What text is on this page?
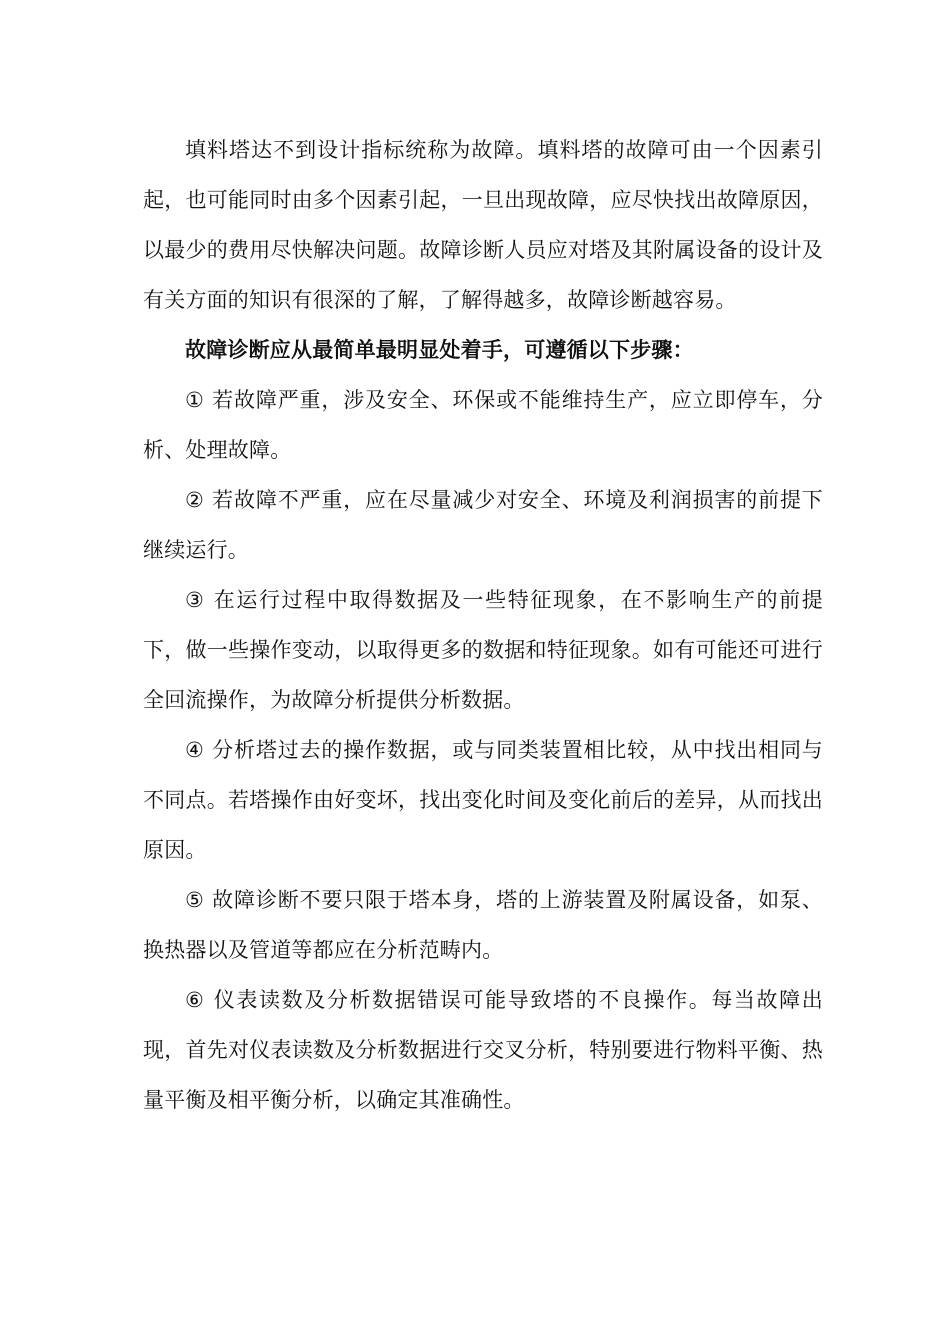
填料塔达不到设计指标统称为故障。填料塔的故障可由一个因素引起，也可能同时由多个因素引起，一旦出现故障，应尽快找出故障原因，以最少的费用尽快解决问题。故障诊断人员应对塔及其附属设备的设计及有关方面的知识有很深的了解，了解得越多，故障诊断越容易。

故障诊断应从最简单最明显处着手，可遵循以下步骤：

① 若故障严重，涉及安全、环保或不能维持生产，应立即停车，分析、处理故障。

② 若故障不严重，应在尽量减少对安全、环境及利润损害的前提下继续运行。

③ 在运行过程中取得数据及一些特征现象，在不影响生产的前提下，做一些操作变动，以取得更多的数据和特征现象。如有可能还可进行全回流操作，为故障分析提供分析数据。

④ 分析塔过去的操作数据，或与同类装置相比较，从中找出相同与不同点。若塔操作由好变坏，找出变化时间及变化前后的差异，从而找出原因。

⑤ 故障诊断不要只限于塔本身，塔的上游装置及附属设备，如泵、换热器以及管道等都应在分析范畴内。

⑥ 仪表读数及分析数据错误可能导致塔的不良操作。每当故障出现，首先对仪表读数及分析数据进行交叉分析，特别要进行物料平衡、热量平衡及相平衡分析，以确定其准确性。
